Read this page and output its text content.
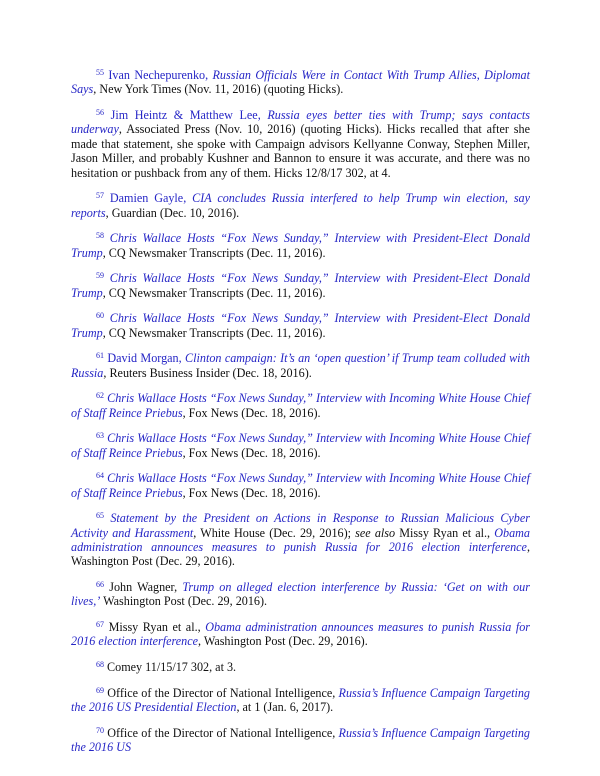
$^{55}$ Ivan Nechepurenko, Russian Officials Were in Contact With Trump Allies, Diplomat Says, New York Times (Nov. 11, 2016) (quoting Hicks).

$^{56}$ Jim Heintz & Matthew Lee, Russia eyes better ties with Trump; says contacts underway, Associated Press (Nov. 10, 2016) (quoting Hicks). Hicks recalled that after she made that statement, she spoke with Campaign advisors Kellyanne Conway, Stephen Miller, Jason Miller, and probably Kushner and Bannon to ensure it was accurate, and there was no hesitation or pushback from any of them. Hicks 12/8/17 302, at 4.

$^{57}$ Damien Gayle, CIA concludes Russia interfered to help Trump win election, say reports, Guardian (Dec. 10, 2016).

$^{58}$ Chris Wallace Hosts “Fox News Sunday,” Interview with President-Elect Donald Trump, CQ Newsmaker Transcripts (Dec. 11, 2016).

$^{59}$ Chris Wallace Hosts “Fox News Sunday,” Interview with President-Elect Donald Trump, CQ Newsmaker Transcripts (Dec. 11, 2016).

$^{60}$ Chris Wallace Hosts “Fox News Sunday,” Interview with President-Elect Donald Trump, CQ Newsmaker Transcripts (Dec. 11, 2016).

$^{61}$ David Morgan, Clinton campaign: It’s an ‘open question’ if Trump team colluded with Russia, Reuters Business Insider (Dec. 18, 2016).

$^{62}$ Chris Wallace Hosts “Fox News Sunday,” Interview with Incoming White House Chief of Staff Reince Priebus, Fox News (Dec. 18, 2016).

$^{63}$ Chris Wallace Hosts “Fox News Sunday,” Interview with Incoming White House Chief of Staff Reince Priebus, Fox News (Dec. 18, 2016).

$^{64}$ Chris Wallace Hosts “Fox News Sunday,” Interview with Incoming White House Chief of Staff Reince Priebus, Fox News (Dec. 18, 2016).

$^{65}$ Statement by the President on Actions in Response to Russian Malicious Cyber Activity and Harassment, White House (Dec. 29, 2016); see also Missy Ryan et al., Obama administration announces measures to punish Russia for 2016 election interference, Washington Post (Dec. 29, 2016).

$^{66}$ John Wagner, Trump on alleged election interference by Russia: ‘Get on with our lives,’ Washington Post (Dec. 29, 2016).

$^{67}$ Missy Ryan et al., Obama administration announces measures to punish Russia for 2016 election interference, Washington Post (Dec. 29, 2016).

$^{68}$ Comey 11/15/17 302, at 3.

$^{69}$ Office of the Director of National Intelligence, Russia’s Influence Campaign Targeting the 2016 US Presidential Election, at 1 (Jan. 6, 2017).

$^{70}$ Office of the Director of National Intelligence, Russia’s Influence Campaign Targeting the 2016 US
